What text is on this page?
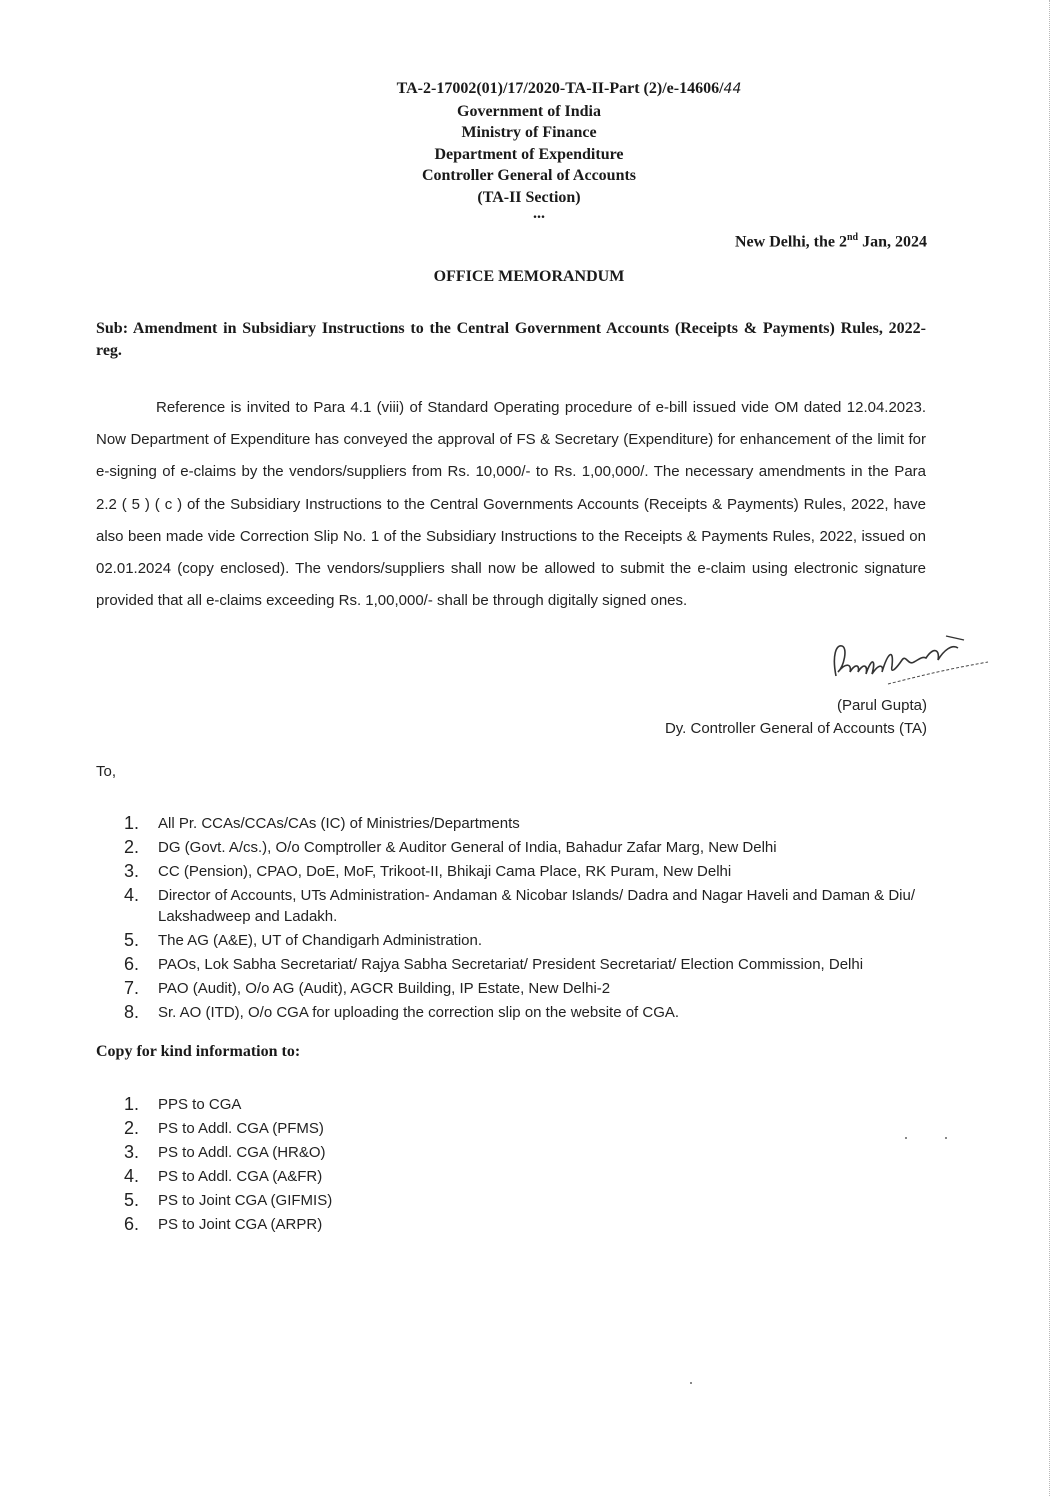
TA-2-17002(01)/17/2020-TA-II-Part (2)/e-14606/44
Government of India
Ministry of Finance
Department of Expenditure
Controller General of Accounts
(TA-II Section)
...
New Delhi, the 2nd Jan, 2024
OFFICE MEMORANDUM
Sub: Amendment in Subsidiary Instructions to the Central Government Accounts (Receipts & Payments) Rules, 2022- reg.
Reference is invited to Para 4.1 (viii) of Standard Operating procedure of e-bill issued vide OM dated 12.04.2023. Now Department of Expenditure has conveyed the approval of FS & Secretary (Expenditure) for enhancement of the limit for e-signing of e-claims by the vendors/suppliers from Rs. 10,000/- to Rs. 1,00,000/. The necessary amendments in the Para 2.2 ( 5 ) ( c ) of the Subsidiary Instructions to the Central Governments Accounts (Receipts & Payments) Rules, 2022, have also been made vide Correction Slip No. 1 of the Subsidiary Instructions to the Receipts & Payments Rules, 2022, issued on 02.01.2024 (copy enclosed). The vendors/suppliers shall now be allowed to submit the e-claim using electronic signature provided that all e-claims exceeding Rs. 1,00,000/- shall be through digitally signed ones.
(Parul Gupta)
Dy. Controller General of Accounts (TA)
To,
1.	All Pr. CCAs/CCAs/CAs (IC) of Ministries/Departments
2.	DG (Govt. A/cs.), O/o Comptroller & Auditor General of India, Bahadur Zafar Marg, New Delhi
3.	CC (Pension), CPAO, DoE, MoF, Trikoot-II, Bhikaji Cama Place, RK Puram, New Delhi
4.	Director of Accounts, UTs Administration- Andaman & Nicobar Islands/ Dadra and Nagar Haveli and Daman & Diu/ Lakshadweep and Ladakh.
5.	The AG (A&E), UT of Chandigarh Administration.
6.	PAOs, Lok Sabha Secretariat/ Rajya Sabha Secretariat/ President Secretariat/ Election Commission, Delhi
7.	PAO (Audit), O/o AG (Audit), AGCR Building, IP Estate, New Delhi-2
8.	Sr. AO (ITD), O/o CGA for uploading the correction slip on the website of CGA.
Copy for kind information to:
1.	PPS to CGA
2.	PS to Addl. CGA (PFMS)
3.	PS to Addl. CGA (HR&O)
4.	PS to Addl. CGA (A&FR)
5.	PS to Joint CGA (GIFMIS)
6.	PS to Joint CGA (ARPR)
